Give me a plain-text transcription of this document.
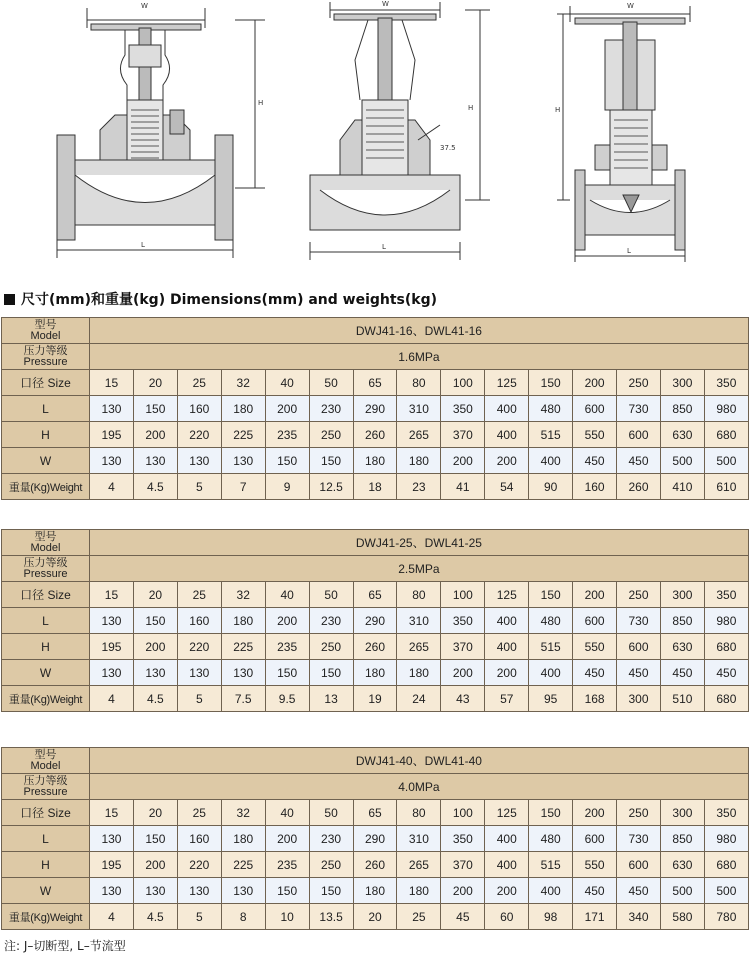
W
H
L
W
H
37.5
L
W
H
L
尺寸(mm)和重量(kg) Dimensions(mm) and weights(kg)
型号
Model	DWJ41-16、DWL41-16														

压力等级
Pressure	1.6MPa														
口径 Size	15	20	25	32	40	50	65	80	100	125	150	200	250	300	350
L	130	150	160	180	200	230	290	310	350	400	480	600	730	850	980
H	195	200	220	225	235	250	260	265	370	400	515	550	600	630	680
W	130	130	130	130	150	150	180	180	200	200	400	450	450	500	500
重量(Kg)Weight	4	4.5	5	7	9	12.5	18	23	41	54	90	160	260	410	610
型号
Model	DWJ41-25、DWL41-25														

压力等级
Pressure	2.5MPa														
口径 Size	15	20	25	32	40	50	65	80	100	125	150	200	250	300	350
L	130	150	160	180	200	230	290	310	350	400	480	600	730	850	980
H	195	200	220	225	235	250	260	265	370	400	515	550	600	630	680
W	130	130	130	130	150	150	180	180	200	200	400	450	450	450	450
重量(Kg)Weight	4	4.5	5	7.5	9.5	13	19	24	43	57	95	168	300	510	680
型号
Model	DWJ41-40、DWL41-40														

压力等级
Pressure	4.0MPa														
口径 Size	15	20	25	32	40	50	65	80	100	125	150	200	250	300	350
L	130	150	160	180	200	230	290	310	350	400	480	600	730	850	980
H	195	200	220	225	235	250	260	265	370	400	515	550	600	630	680
W	130	130	130	130	150	150	180	180	200	200	400	450	450	500	500
重量(Kg)Weight	4	4.5	5	8	10	13.5	20	25	45	60	98	171	340	580	780
注: J–切断型, L–节流型
